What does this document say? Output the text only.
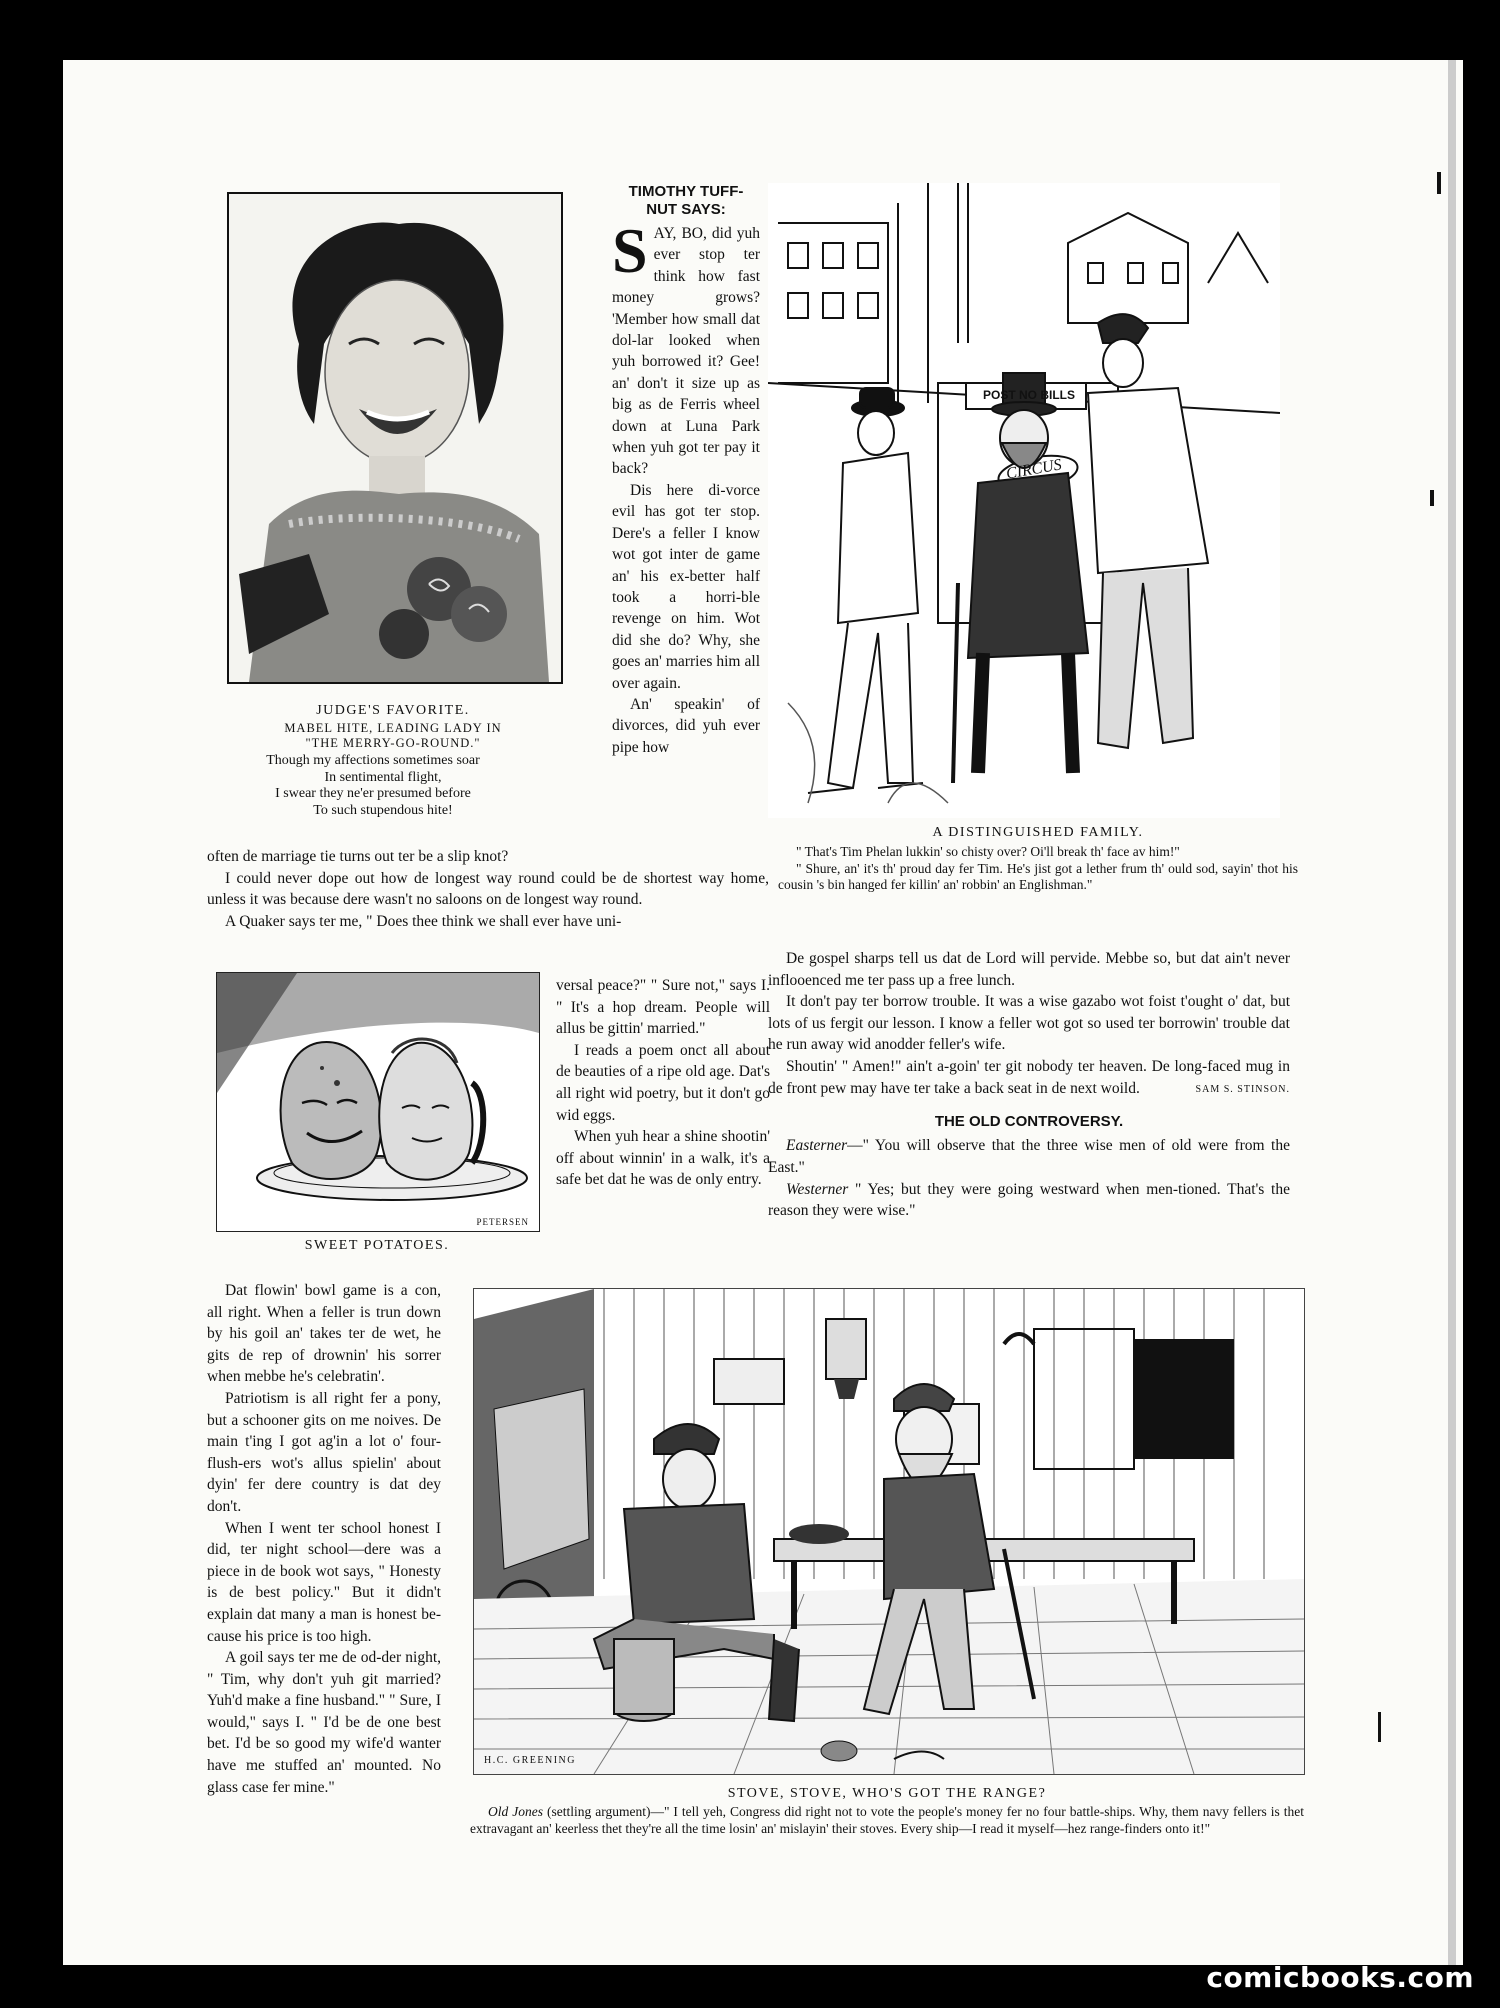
JUDGE'S FAVORITE.
MABEL HITE, LEADING LADY IN
"THE MERRY-GO-ROUND."
Though my affections sometimes soar
In sentimental flight,
I swear they ne'er presumed before
To such stupendous hite!
TIMOTHY TUFF-
NUT SAYS:

SAY, BO, did yuh ever stop ter think how fast money grows? 'Member how small dat dol-lar looked when yuh borrowed it? Gee! an' don't it size up as big as de Ferris wheel down at Luna Park when yuh got ter pay it back?

Dis here di-vorce evil has got ter stop. Dere's a feller I know wot got inter de game an' his ex-better half took a horri-ble revenge on him. Wot did she do? Why, she goes an' marries him all over again.

An' speakin' of divorces, did yuh ever pipe how

often de marriage tie turns out ter be a slip knot?

I could never dope out how de longest way round could be de shortest way home, unless it was because dere wasn't no saloons on de longest way round.

A Quaker says ter me, " Does thee think we shall ever have uni-

PETERSEN
SWEET POTATOES.

versal peace?" " Sure not," says I. " It's a hop dream. People will allus be gittin' married."

I reads a poem onct all about de beauties of a ripe old age. Dat's all right wid poetry, but it don't go wid eggs.

When yuh hear a shine shootin' off about winnin' in a walk, it's a safe bet dat he was de only entry.

POST NO BILLS
CIRCUS
A DISTINGUISHED FAMILY.
" That's Tim Phelan lukkin' so chisty over? Oi'll break th' face av him!"
" Shure, an' it's th' proud day fer Tim. He's jist got a lether frum th' ould sod, sayin' thot his cousin 's bin hanged fer killin' an' robbin' an Englishman."

De gospel sharps tell us dat de Lord will pervide. Mebbe so, but dat ain't never inflooenced me ter pass up a free lunch.

It don't pay ter borrow trouble. It was a wise gazabo wot foist t'ought o' dat, but lots of us fergit our lesson. I know a feller wot got so used ter borrowin' trouble dat he run away wid anodder feller's wife.

Shoutin' " Amen!" ain't a-goin' ter git nobody ter heaven. De long-faced mug in de front pew may have ter take a back seat in de next woild.	SAM S. STINSON.
THE OLD CONTROVERSY.

Easterner—" You will observe that the three wise men of old were from the East."

Westerner " Yes; but they were going westward when men-tioned. That's the reason they were wise."

Dat flowin' bowl game is a con, all right. When a feller is trun down by his goil an' takes ter de wet, he gits de rep of drownin' his sorrer when mebbe he's celebratin'.

Patriotism is all right fer a pony, but a schooner gits on me noives. De main t'ing I got ag'in a lot o' four-flush-ers wot's allus spielin' about dyin' fer dere country is dat dey don't.

When I went ter school honest I did, ter night school—dere was a piece in de book wot says, " Honesty is de best policy." But it didn't explain dat many a man is honest be-cause his price is too high.

A goil says ter me de od-der night, " Tim, why don't yuh git married? Yuh'd make a fine husband." " Sure, I would," says I. " I'd be de one best bet. I'd be so good my wife'd wanter have me stuffed an' mounted. No glass case fer mine."

H.C. GREENING
STOVE, STOVE, WHO'S GOT THE RANGE?
Old Jones (settling argument)—" I tell yeh, Congress did right not to vote the people's money fer no four battle-ships. Why, them navy fellers is thet extravagant an' keerless thet they're all the time losin' an' mislayin' their stoves. Every ship—I read it myself—hez range-finders onto it!"
comicbooks.com
